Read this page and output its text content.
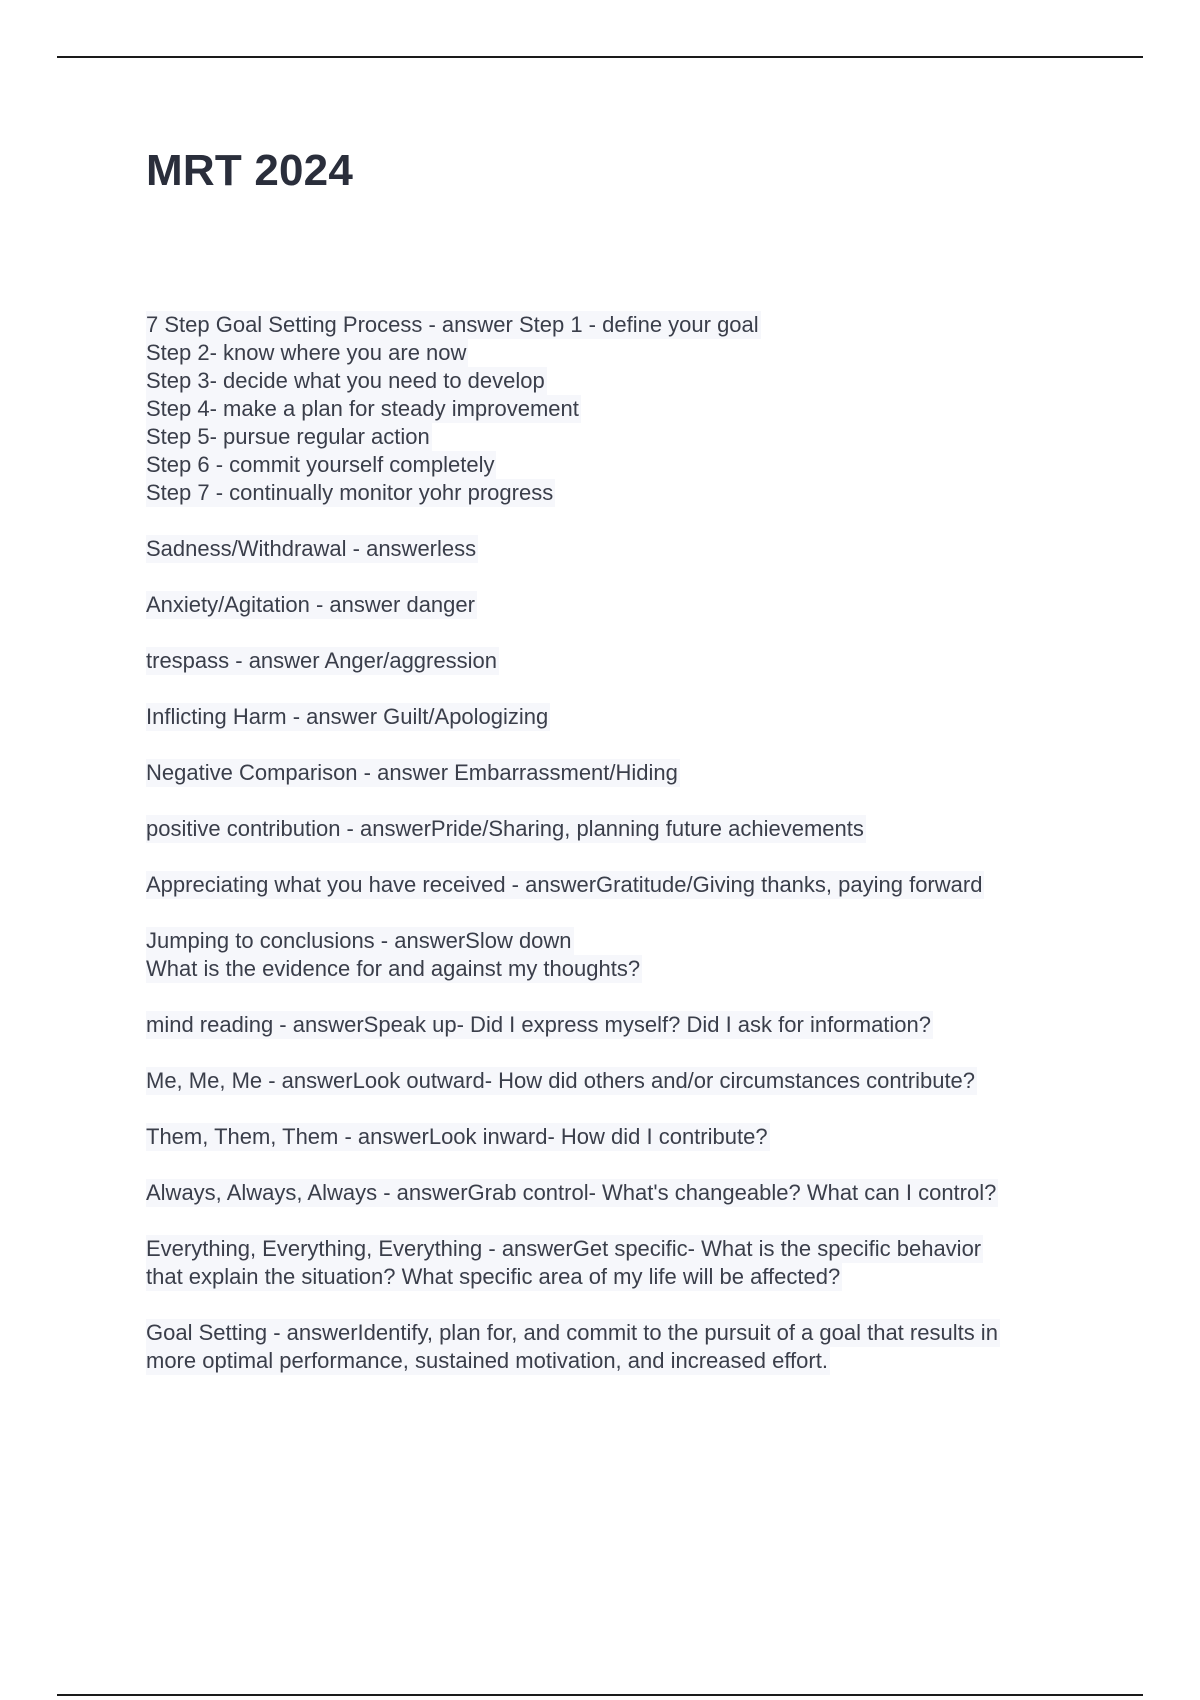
MRT 2024
7 Step Goal Setting Process - answer Step 1 - define your goal
Step 2- know where you are now
Step 3- decide what you need to develop
Step 4- make a plan for steady improvement
Step 5- pursue regular action
Step 6 - commit yourself completely
Step 7 - continually monitor yohr progress
Sadness/Withdrawal - answerless
Anxiety/Agitation - answer danger
trespass - answer Anger/aggression
Inflicting Harm - answer Guilt/Apologizing
Negative Comparison - answer Embarrassment/Hiding
positive contribution - answerPride/Sharing, planning future achievements
Appreciating what you have received - answerGratitude/Giving thanks, paying forward
Jumping to conclusions - answerSlow down
What is the evidence for and against my thoughts?
mind reading - answerSpeak up- Did I express myself? Did I ask for information?
Me, Me, Me - answerLook outward- How did others and/or circumstances contribute?
Them, Them, Them - answerLook inward- How did I contribute?
Always, Always, Always - answerGrab control- What's changeable? What can I control?
Everything, Everything, Everything - answerGet specific- What is the specific behavior
that explain the situation? What specific area of my life will be affected?
Goal Setting - answerIdentify, plan for, and commit to the pursuit of a goal that results in
more optimal performance, sustained motivation, and increased effort.
